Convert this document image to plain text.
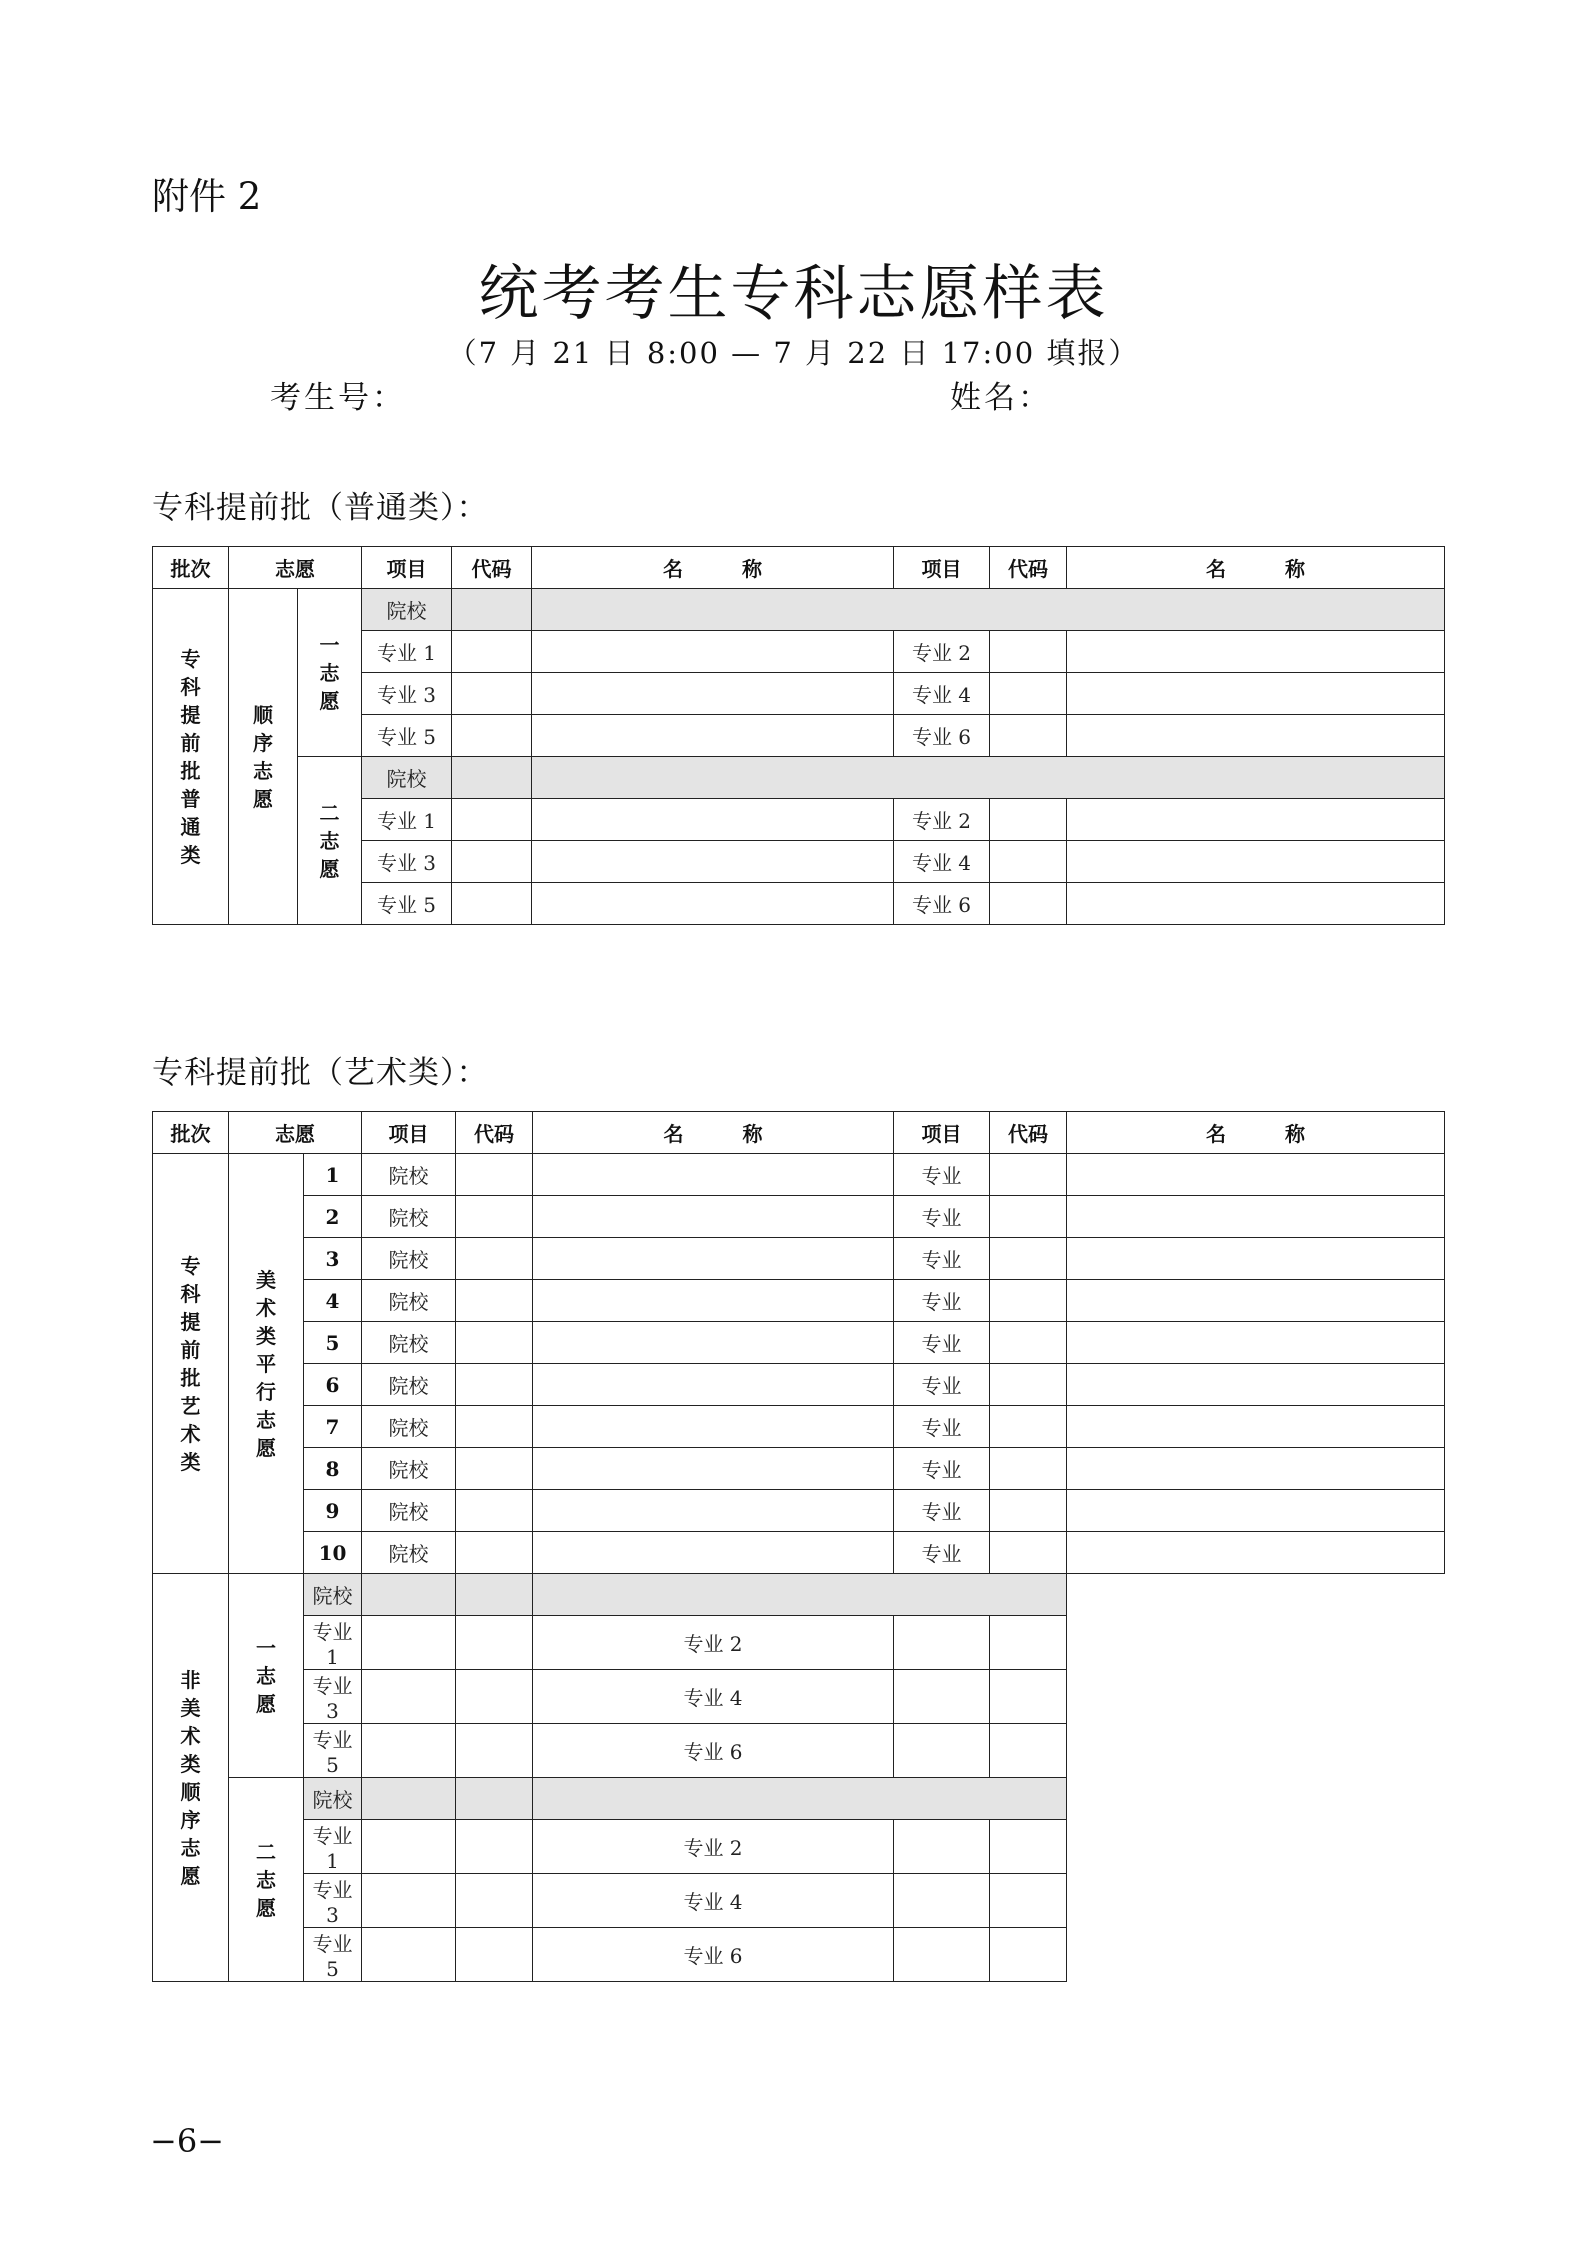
附件 2
统考考生专科志愿样表
（7 月 21 日 8:00 — 7 月 22 日 17:00 填报）
考生号：	姓名：
专科提前批（普通类）：
批次	志愿		项目	代码	名 称	项目	代码	名 称
专科提前批普通类	顺序志愿	一志愿	院校					
			专业 1			专业 2		
			专业 3			专业 4		
			专业 5			专业 6		
		二志愿	院校					
			专业 1			专业 2		
			专业 3			专业 4		
			专业 5			专业 6		
专科提前批（艺术类）：
批次	志愿		项目	代码	名 称	项目	代码	名 称
专科提前批艺术类	美术类平行志愿	1	院校			专业		
		2	院校			专业		
		3	院校			专业		
		4	院校			专业		
		5	院校			专业		
		6	院校			专业		
		7	院校			专业		
		8	院校			专业		
		9	院校			专业		
		10	院校			专业		
非美术类顺序志愿	一志愿	院校						
		专业 1			专业 2			
		专业 3			专业 4			
		专业 5			专业 6			
	二志愿	院校						
		专业 1			专业 2			
		专业 3			专业 4			
		专业 5			专业 6			
−6−
